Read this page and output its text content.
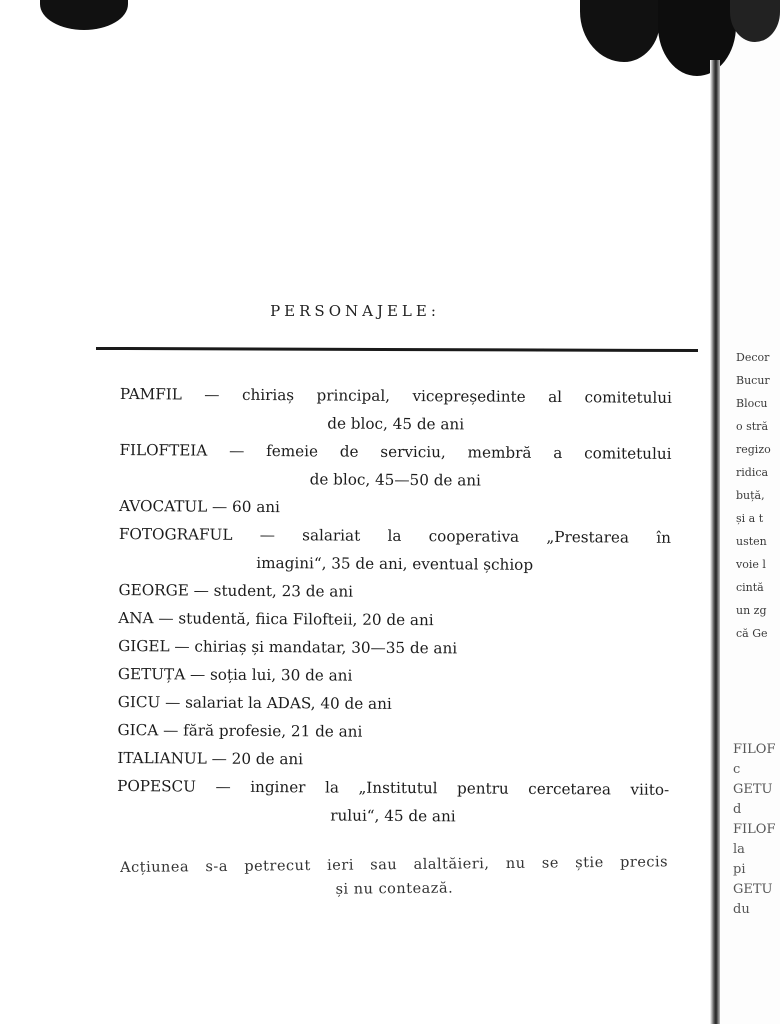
PERSONAJELE:
PAMFIL — chiriaș principal, vicepreședinte al comitetului
de bloc, 45 de ani
FILOFTEIA — femeie de serviciu, membră a comitetului
de bloc, 45—50 de ani
AVOCATUL — 60 ani
FOTOGRAFUL — salariat la cooperativa „Prestarea în
imagini“, 35 de ani, eventual șchiop
GEORGE — student, 23 de ani
ANA — studentă, fiica Filofteii, 20 de ani
GIGEL — chiriaș și mandatar, 30—35 de ani
GETUȚA — soția lui, 30 de ani
GICU — salariat la ADAS, 40 de ani
GICA — fără profesie, 21 de ani
ITALIANUL — 20 de ani
POPESCU — inginer la „Institutul pentru cercetarea viito-
rului“, 45 de ani
Acțiunea s-a petrecut ieri sau alaltăieri, nu se știe precis
și nu contează.
Decor
Bucur
Blocu
o stră
regizo
ridica
buță,
și a t
usten
voie l
cintă
un zg
că Ge
FILOF
c
GETU
d
FILOF
la
pi
GETU
du
